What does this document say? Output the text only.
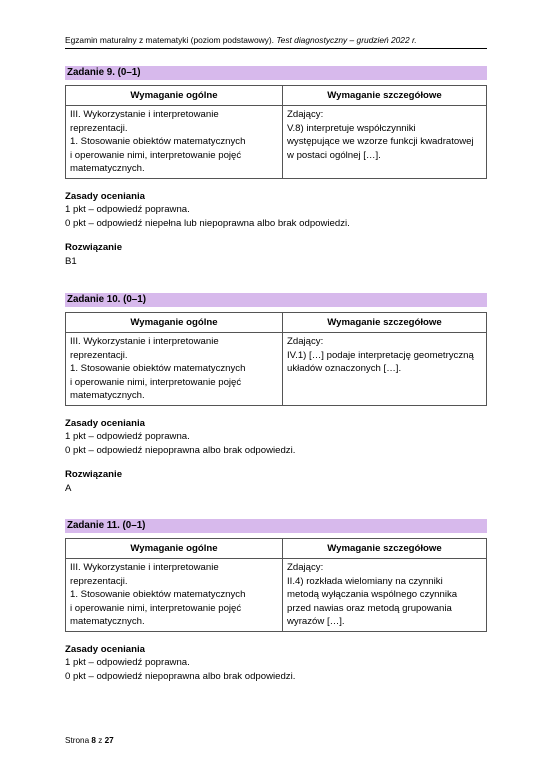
Egzamin maturalny z matematyki (poziom podstawowy). Test diagnostyczny – grudzień 2022 r.
Zadanie 9. (0–1)
Wymaganie ogólne	Wymaganie szczegółowe
III. Wykorzystanie i interpretowanie
reprezentacji.
1. Stosowanie obiektów matematycznych
i operowanie nimi, interpretowanie pojęć
matematycznych.	Zdający:
V.8) interpretuje współczynniki
występujące we wzorze funkcji kwadratowej
w postaci ogólnej […].
Zasady oceniania
1 pkt – odpowiedź poprawna.
0 pkt – odpowiedź niepełna lub niepoprawna albo brak odpowiedzi.
Rozwiązanie
B1
Zadanie 10. (0–1)
Wymaganie ogólne	Wymaganie szczegółowe
III. Wykorzystanie i interpretowanie
reprezentacji.
1. Stosowanie obiektów matematycznych
i operowanie nimi, interpretowanie pojęć
matematycznych.	Zdający:
IV.1) […] podaje interpretację geometryczną
układów oznaczonych […].
Zasady oceniania
1 pkt – odpowiedź poprawna.
0 pkt – odpowiedź niepoprawna albo brak odpowiedzi.
Rozwiązanie
A
Zadanie 11. (0–1)
Wymaganie ogólne	Wymaganie szczegółowe
III. Wykorzystanie i interpretowanie
reprezentacji.
1. Stosowanie obiektów matematycznych
i operowanie nimi, interpretowanie pojęć
matematycznych.	Zdający:
II.4) rozkłada wielomiany na czynniki
metodą wyłączania wspólnego czynnika
przed nawias oraz metodą grupowania
wyrazów […].
Zasady oceniania
1 pkt – odpowiedź poprawna.
0 pkt – odpowiedź niepoprawna albo brak odpowiedzi.
Strona 8 z 27
